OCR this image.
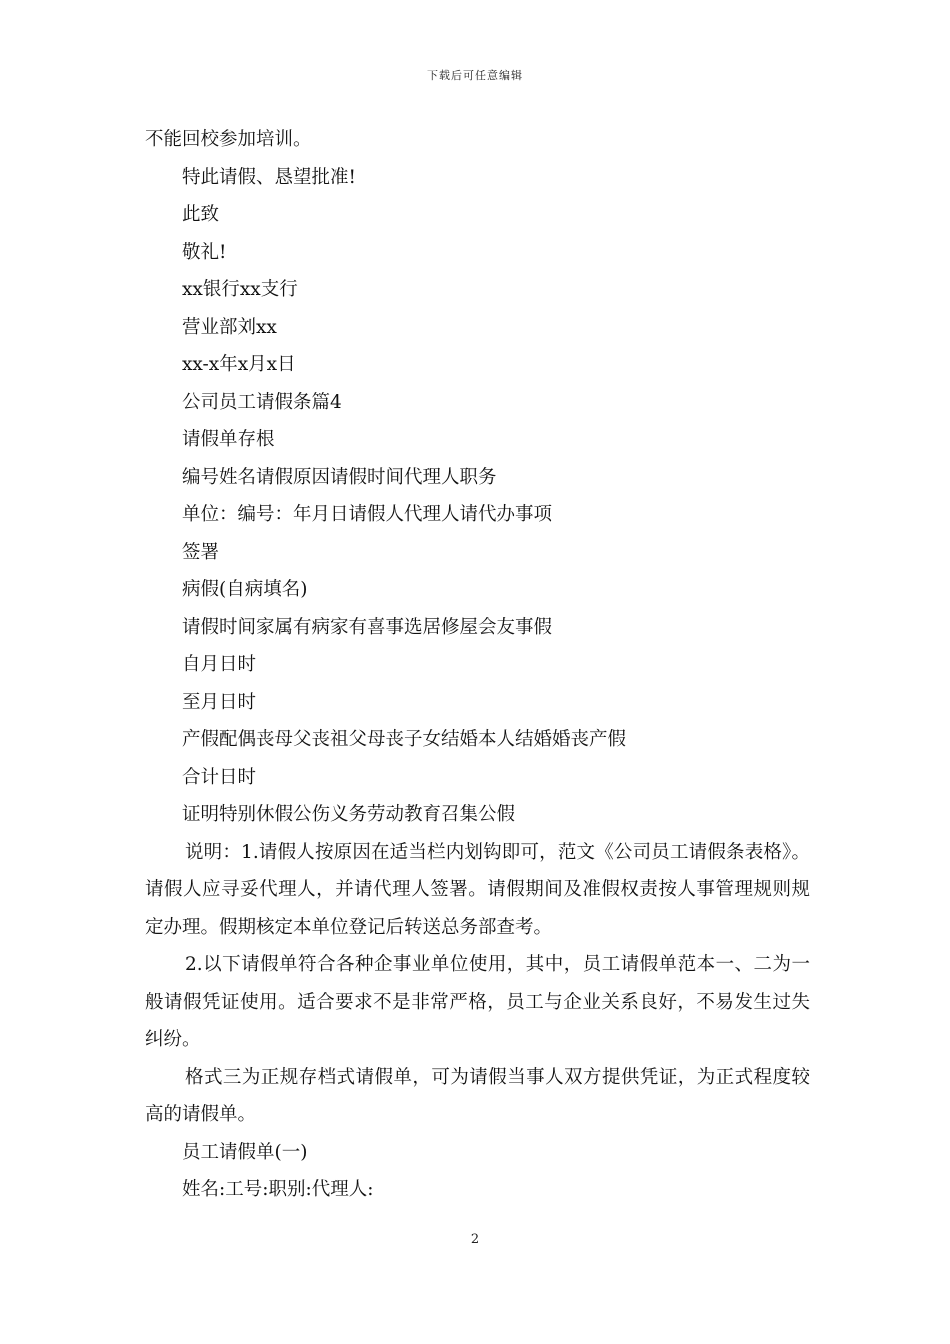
下载后可任意编辑

不能回校参加培训。

特此请假、恳望批准!

此致

敬礼!

xx银行xx支行

营业部刘xx

xx-x年x月x日

公司员工请假条篇4

请假单存根

编号姓名请假原因请假时间代理人职务

单位：编号：年月日请假人代理人请代办事项

签署

病假(自病填名)

请假时间家属有病家有喜事选居修屋会友事假

自月日时

至月日时

产假配偶丧母父丧祖父母丧子女结婚本人结婚婚丧产假

合计日时

证明特别休假公伤义务劳动教育召集公假

说明：1.请假人按原因在适当栏内划钩即可，范文《公司员工请假条表格》。请假人应寻妥代理人，并请代理人签署。请假期间及准假权责按人事管理规则规定办理。假期核定本单位登记后转送总务部查考。

2.以下请假单符合各种企事业单位使用，其中，员工请假单范本一、二为一般请假凭证使用。适合要求不是非常严格，员工与企业关系良好，不易发生过失纠纷。

格式三为正规存档式请假单，可为请假当事人双方提供凭证，为正式程度较高的请假单。

员工请假单(一)

姓名:工号:职别:代理人:

2
